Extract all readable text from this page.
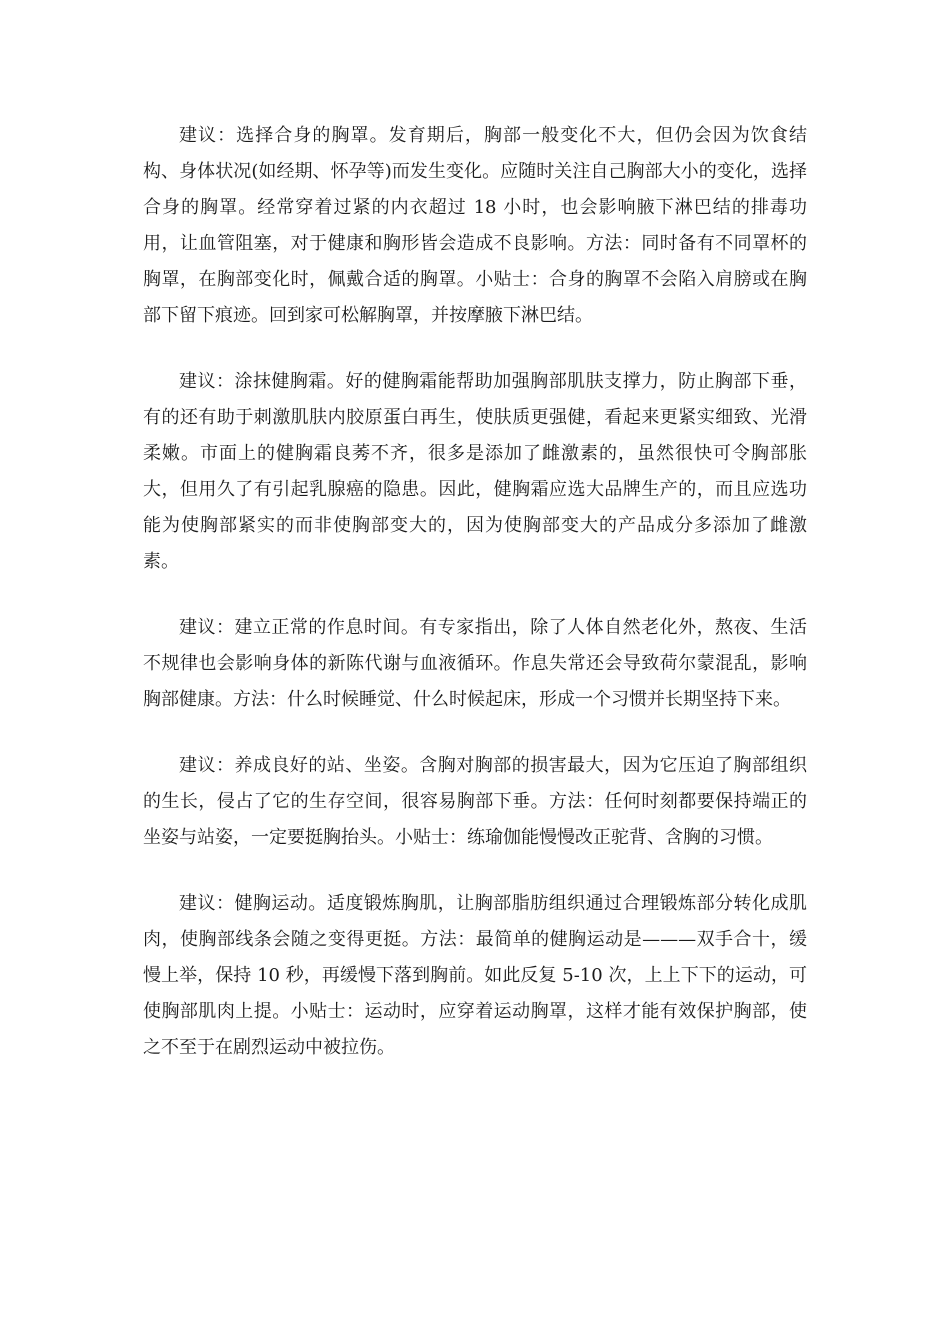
建议：选择合身的胸罩。发育期后，胸部一般变化不大，但仍会因为饮食结构、身体状况(如经期、怀孕等)而发生变化。应随时关注自己胸部大小的变化，选择合身的胸罩。经常穿着过紧的内衣超过 18 小时，也会影响腋下淋巴结的排毒功用，让血管阻塞，对于健康和胸形皆会造成不良影响。方法：同时备有不同罩杯的胸罩，在胸部变化时，佩戴合适的胸罩。小贴士：合身的胸罩不会陷入肩膀或在胸部下留下痕迹。回到家可松解胸罩，并按摩腋下淋巴结。

建议：涂抹健胸霜。好的健胸霜能帮助加强胸部肌肤支撑力，防止胸部下垂，有的还有助于刺激肌肤内胶原蛋白再生，使肤质更强健，看起来更紧实细致、光滑柔嫩。市面上的健胸霜良莠不齐，很多是添加了雌激素的，虽然很快可令胸部胀大，但用久了有引起乳腺癌的隐患。因此，健胸霜应选大品牌生产的，而且应选功能为使胸部紧实的而非使胸部变大的，因为使胸部变大的产品成分多添加了雌激素。

建议：建立正常的作息时间。有专家指出，除了人体自然老化外，熬夜、生活不规律也会影响身体的新陈代谢与血液循环。作息失常还会导致荷尔蒙混乱，影响胸部健康。方法：什么时候睡觉、什么时候起床，形成一个习惯并长期坚持下来。

建议：养成良好的站、坐姿。含胸对胸部的损害最大，因为它压迫了胸部组织的生长，侵占了它的生存空间，很容易胸部下垂。方法：任何时刻都要保持端正的坐姿与站姿，一定要挺胸抬头。小贴士：练瑜伽能慢慢改正驼背、含胸的习惯。

建议：健胸运动。适度锻炼胸肌，让胸部脂肪组织通过合理锻炼部分转化成肌肉，使胸部线条会随之变得更挺。方法：最简单的健胸运动是———双手合十，缓慢上举，保持 10 秒，再缓慢下落到胸前。如此反复 5-10 次，上上下下的运动，可使胸部肌肉上提。小贴士：运动时，应穿着运动胸罩，这样才能有效保护胸部，使之不至于在剧烈运动中被拉伤。
